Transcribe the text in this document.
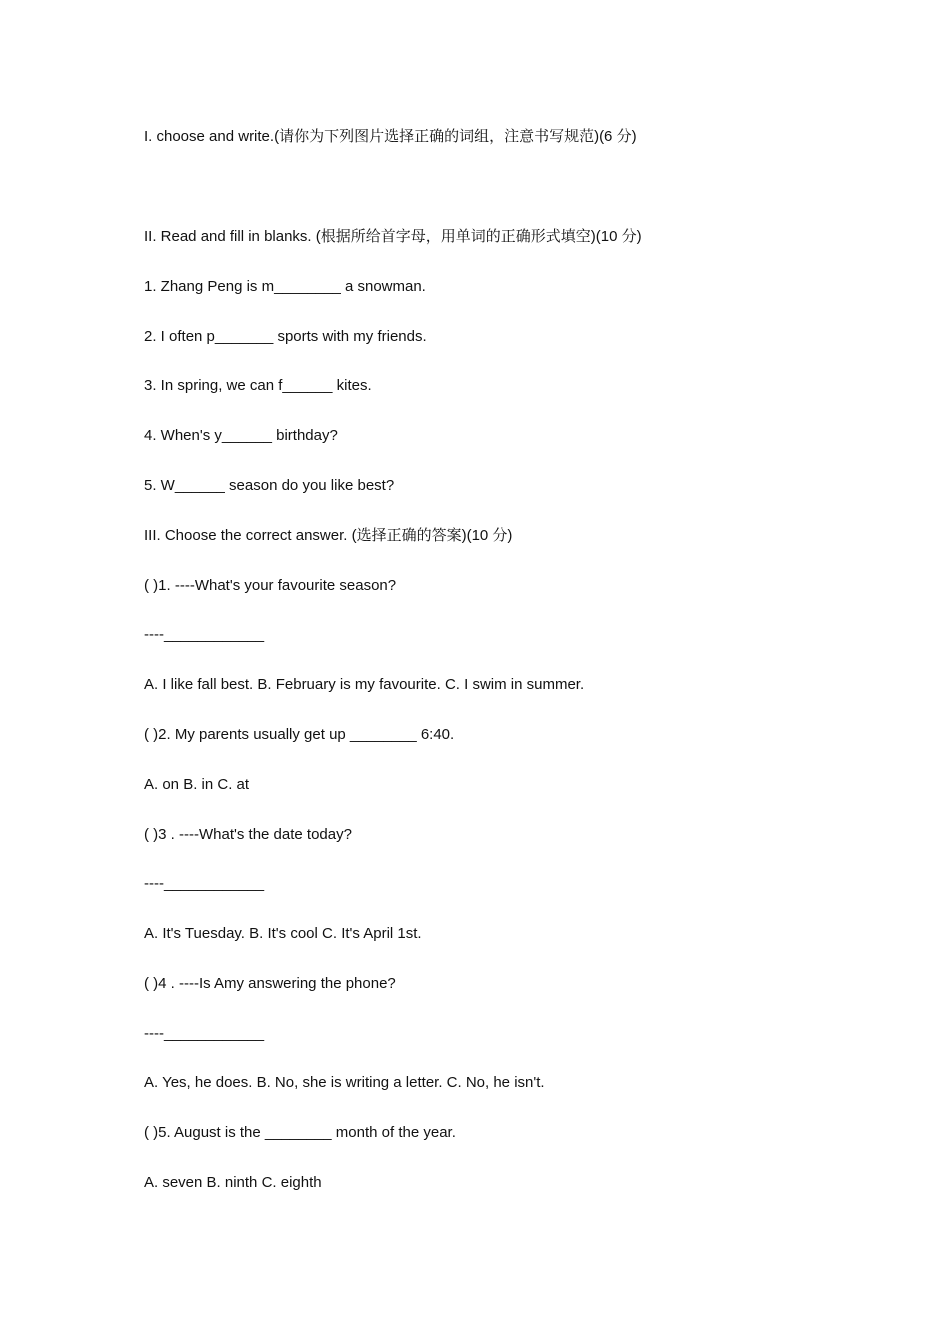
I. choose and write.(请你为下列图片选择正确的词组，注意书写规范)(6 分)

II. Read and fill in blanks. (根据所给首字母，用单词的正确形式填空)(10 分)

1. Zhang Peng is m________ a snowman.

2. I often p_______ sports with my friends.

3. In spring, we can f______ kites.

4. When's y______ birthday?

5. W______ season do you like best?

III. Choose the correct answer. (选择正确的答案)(10 分)

( )1. ----What's your favourite season?

----____________

A. I like fall best. B. February is my favourite. C. I swim in summer.

( )2. My parents usually get up ________ 6:40.

A. on B. in C. at

( )3 . ----What's the date today?

----____________

A. It's Tuesday. B. It's cool C. It's April 1st.

( )4 . ----Is Amy answering the phone?

----____________

A. Yes, he does. B. No, she is writing a letter. C. No, he isn't.

( )5. August is the ________ month of the year.

A. seven B. ninth C. eighth
